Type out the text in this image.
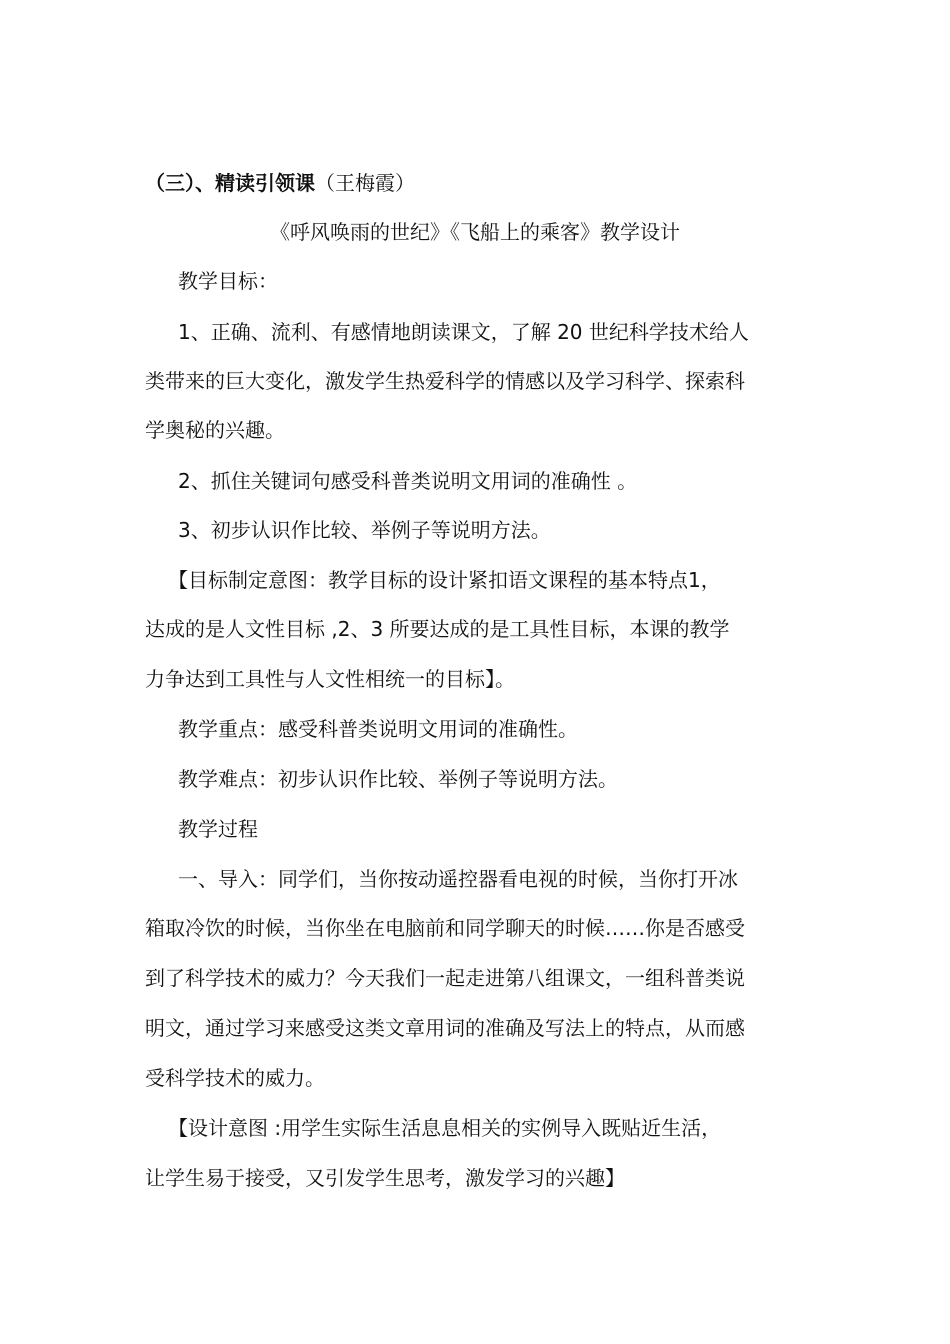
（三）、精读引领课（王梅霞）
《呼风唤雨的世纪》《飞船上的乘客》教学设计
教学目标：
1、正确、流利、有感情地朗读课文，了解 20 世纪科学技术给人
类带来的巨大变化，激发学生热爱科学的情感以及学习科学、探索科
学奥秘的兴趣。
2、抓住关键词句感受科普类说明文用词的准确性 。
3、初步认识作比较、举例子等说明方法。
【目标制定意图：教学目标的设计紧扣语文课程的基本特点1，
达成的是人文性目标 ,2、3 所要达成的是工具性目标，本课的教学
力争达到工具性与人文性相统一的目标】。
教学重点：感受科普类说明文用词的准确性。
教学难点：初步认识作比较、举例子等说明方法。
教学过程
一、导入：同学们，当你按动遥控器看电视的时候，当你打开冰
箱取冷饮的时候，当你坐在电脑前和同学聊天的时候……你是否感受
到了科学技术的威力？今天我们一起走进第八组课文，一组科普类说
明文，通过学习来感受这类文章用词的准确及写法上的特点，从而感
受科学技术的威力。
【设计意图 :用学生实际生活息息相关的实例导入既贴近生活，
让学生易于接受，又引发学生思考，激发学习的兴趣】
